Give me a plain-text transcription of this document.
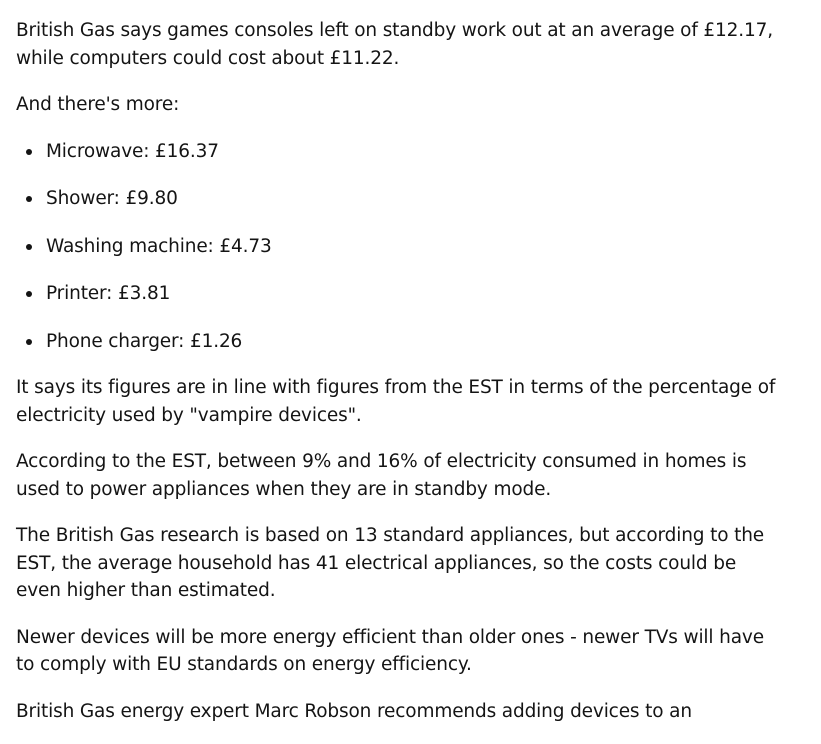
British Gas says games consoles left on standby work out at an average of £12.17, while computers could cost about £11.22.

And there's more:

Microwave: £16.37
Shower: £9.80
Washing machine: £4.73
Printer: £3.81
Phone charger: £1.26

It says its figures are in line with figures from the EST in terms of the percentage of electricity used by "vampire devices".

According to the EST, between 9% and 16% of electricity consumed in homes is used to power appliances when they are in standby mode.

The British Gas research is based on 13 standard appliances, but according to the EST, the average household has 41 electrical appliances, so the costs could be even higher than estimated.

Newer devices will be more energy efficient than older ones - newer TVs will have to comply with EU standards on energy efficiency.

British Gas energy expert Marc Robson recommends adding devices to an
